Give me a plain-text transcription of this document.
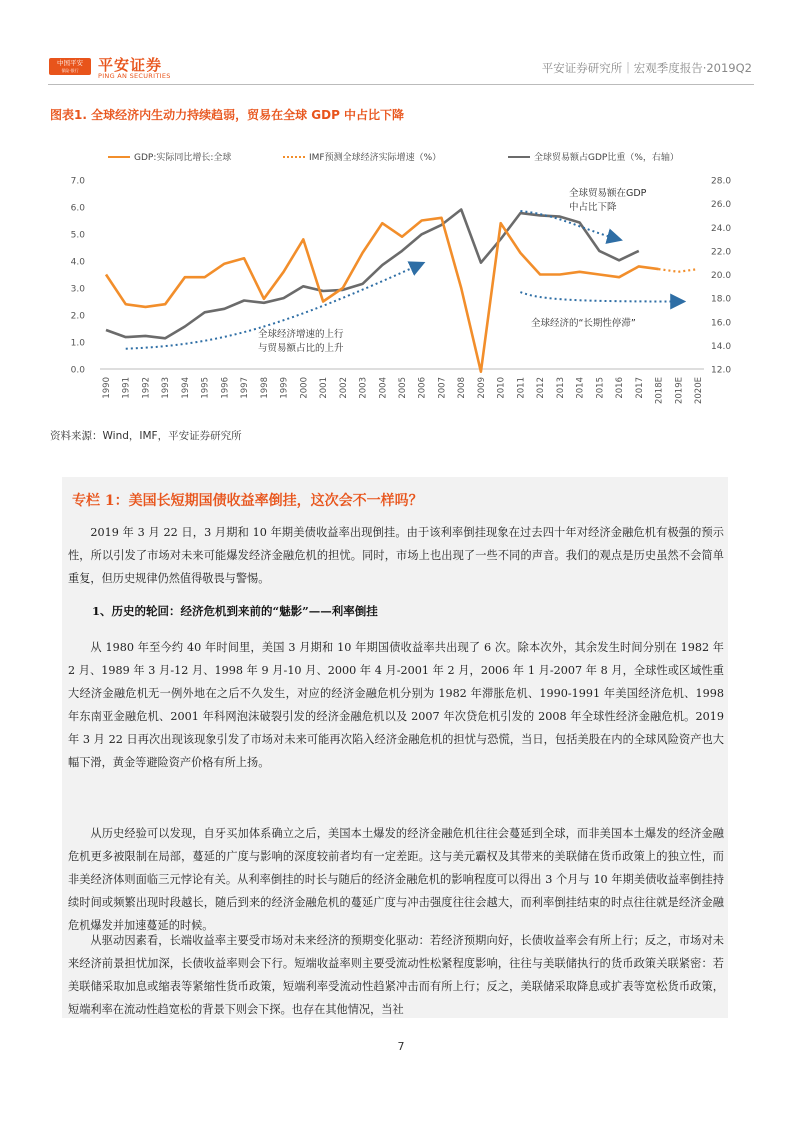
中国平安
保险·银行	平安证券
PING AN SECURITIES
平安证券研究所｜宏观季度报告·2019Q2
图表1. 全球经济内生动力持续趋弱，贸易在全球 GDP 中占比下降
GDP:实际同比增长:全球	IMF预测全球经济实际增速（%）	全球贸易额占GDP比重（%，右轴）
0.0
1.0
2.0
3.0
4.0
5.0
6.0
7.0
12.0
14.0
16.0
18.0
20.0
22.0
24.0
26.0
28.0
1990 1991 1992 1993 1994 1995 1996 1997 1998 1999 2000 2001 2002 2003 2004 2005 2006 2007 2008 2009 2010 2011 2012 2013 2014 2015 2016 2017 2018E 2019E 2020E
全球贸易额在GDP 中占比下降
全球经济增速的上行与贸易额占比的上升
全球经济的“长期性停滞”
资料来源：Wind，IMF，平安证券研究所
专栏 1：美国长短期国债收益率倒挂，这次会不一样吗？

2019 年 3 月 22 日，3 月期和 10 年期美债收益率出现倒挂。由于该利率倒挂现象在过去四十年对经济金融危机有极强的预示性，所以引发了市场对未来可能爆发经济金融危机的担忧。同时，市场上也出现了一些不同的声音。我们的观点是历史虽然不会简单重复，但历史规律仍然值得敬畏与警惕。

1、历史的轮回：经济危机到来前的“魅影”——利率倒挂

从 1980 年至今约 40 年时间里，美国 3 月期和 10 年期国债收益率共出现了 6 次。除本次外，其余发生时间分别在 1982 年 2 月、1989 年 3 月-12 月、1998 年 9 月-10 月、2000 年 4 月-2001 年 2 月，2006 年 1 月-2007 年 8 月，全球性或区域性重大经济金融危机无一例外地在之后不久发生，对应的经济金融危机分别为 1982 年滞胀危机、1990-1991 年美国经济危机、1998 年东南亚金融危机、2001 年科网泡沫破裂引发的经济金融危机以及 2007 年次贷危机引发的 2008 年全球性经济金融危机。2019 年 3 月 22 日再次出现该现象引发了市场对未来可能再次陷入经济金融危机的担忧与恐慌，当日，包括美股在内的全球风险资产也大幅下滑，黄金等避险资产价格有所上扬。

从历史经验可以发现，自牙买加体系确立之后，美国本土爆发的经济金融危机往往会蔓延到全球，而非美国本土爆发的经济金融危机更多被限制在局部，蔓延的广度与影响的深度较前者均有一定差距。这与美元霸权及其带来的美联储在货币政策上的独立性，而非美经济体则面临三元悖论有关。从利率倒挂的时长与随后的经济金融危机的影响程度可以得出 3 个月与 10 年期美债收益率倒挂持续时间或频繁出现时段越长，随后到来的经济金融危机的蔓延广度与冲击强度往往会越大，而利率倒挂结束的时点往往就是经济金融危机爆发并加速蔓延的时候。

从驱动因素看，长端收益率主要受市场对未来经济的预期变化驱动：若经济预期向好，长债收益率会有所上行；反之，市场对未来经济前景担忧加深，长债收益率则会下行。短端收益率则主要受流动性松紧程度影响，往往与美联储执行的货币政策关联紧密：若美联储采取加息或缩表等紧缩性货币政策，短端利率受流动性趋紧冲击而有所上行；反之，美联储采取降息或扩表等宽松货币政策，短端利率在流动性趋宽松的背景下则会下探。也存在其他情况，当社

7
